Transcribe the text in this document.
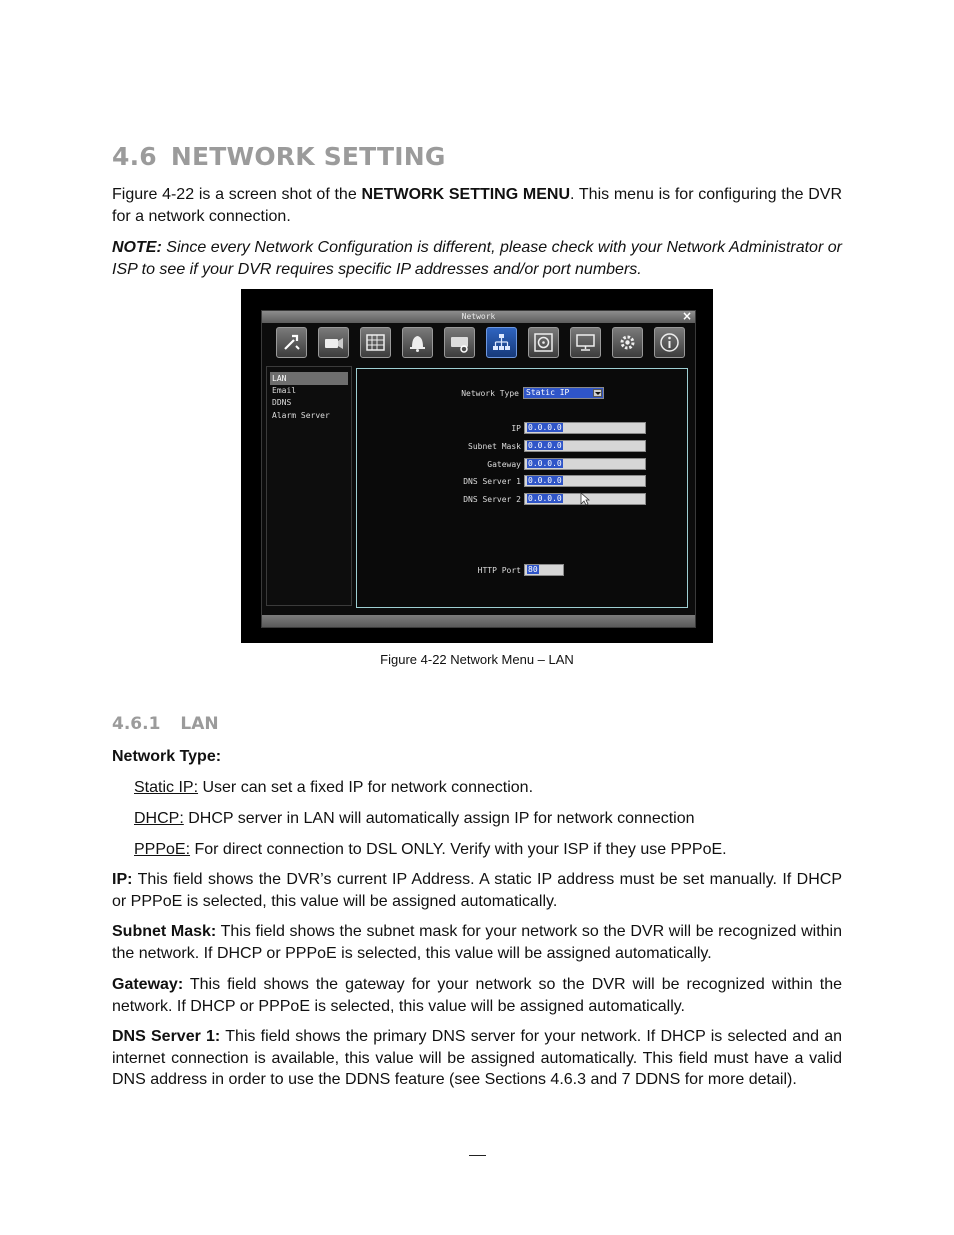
4.6 NETWORK SETTING

Figure 4-22 is a screen shot of the NETWORK SETTING MENU. This menu is for configuring the DVR for a network connection.

NOTE: Since every Network Configuration is different, please check with your Network Administrator or ISP to see if your DVR requires specific IP addresses and/or port numbers.

Network	×
LAN
Email
DDNS
Alarm Server
Network Type Static IP
IP 0.0.0.0
Subnet Mask 0.0.0.0
Gateway 0.0.0.0
DNS Server 1 0.0.0.0
DNS Server 2 0.0.0.0
HTTP Port 80
Figure 4-22 Network Menu – LAN
4.6.1 LAN

Network Type:

Static IP: User can set a fixed IP for network connection.
DHCP: DHCP server in LAN will automatically assign IP for network connection
PPPoE: For direct connection to DSL ONLY. Verify with your ISP if they use PPPoE.

IP: This field shows the DVR’s current IP Address. A static IP address must be set manually. If DHCP or PPPoE is selected, this value will be assigned automatically.

Subnet Mask: This field shows the subnet mask for your network so the DVR will be recognized within the network. If DHCP or PPPoE is selected, this value will be assigned automatically.

Gateway: This field shows the gateway for your network so the DVR will be recognized within the network. If DHCP or PPPoE is selected, this value will be assigned automatically.

DNS Server 1: This field shows the primary DNS server for your network. If DHCP is selected and an internet connection is available, this value will be assigned automatically. This field must have a valid DNS address in order to use the DDNS feature (see Sections 4.6.3 and 7 DDNS for more detail).
